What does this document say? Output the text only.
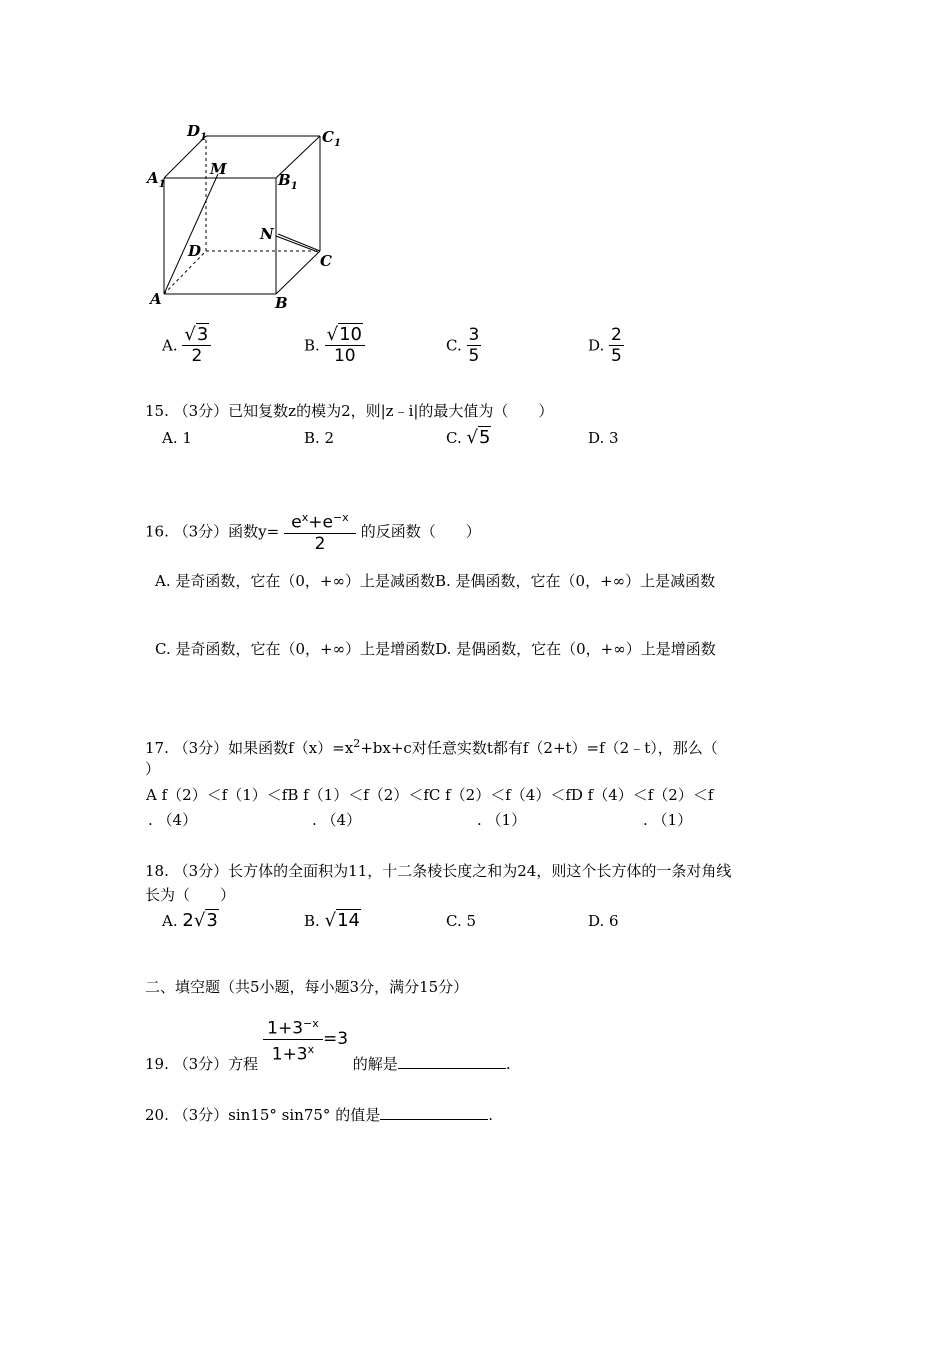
$D_1$	$C_1$
$A_1$	$B_1$
M
N
D
C
A	B
A. $\frac{√3}{2}$	B. $\frac{√10}{10}$	C. $\frac{3}{5}$	D. $\frac{2}{5}$
15. （3分）已知复数z的模为2，则|z﹣i|的最大值为（　　）
A. 1	B. 2	C. √5	D. 3
16. （3分）函数$y= \frac{e^x+e^{-x}}{2}$ 的反函数（　　）
A. 是奇函数，它在（0，+∞）上是减函数B. 是偶函数，它在（0，+∞）上是减函数
C. 是奇函数，它在（0，+∞）上是增函数D. 是偶函数，它在（0，+∞）上是增函数
17. （3分）如果函数$f(x)=x^2+bx+c$对任意实数t都有f（2+t）=f（2﹣t），那么（
）
A f（2）＜f（1）＜fB f（1）＜f（2）＜fC f（2）＜f（4）＜fD f（4）＜f（2）＜f
. （4）	. （4）	. （1）	. （1）
18. （3分）长方体的全面积为11，十二条棱长度之和为24，则这个长方体的一条对角线
长为（　　）
A. 2√3	B. √14	C. 5	D. 6
二、填空题（共5小题，每小题3分，满分15分）
19. （3分）方程 $\frac{1+3^{-x}}{1+3^x} =3$ 的解是	.
20. （3分）sin15° sin75° 的值是	.
